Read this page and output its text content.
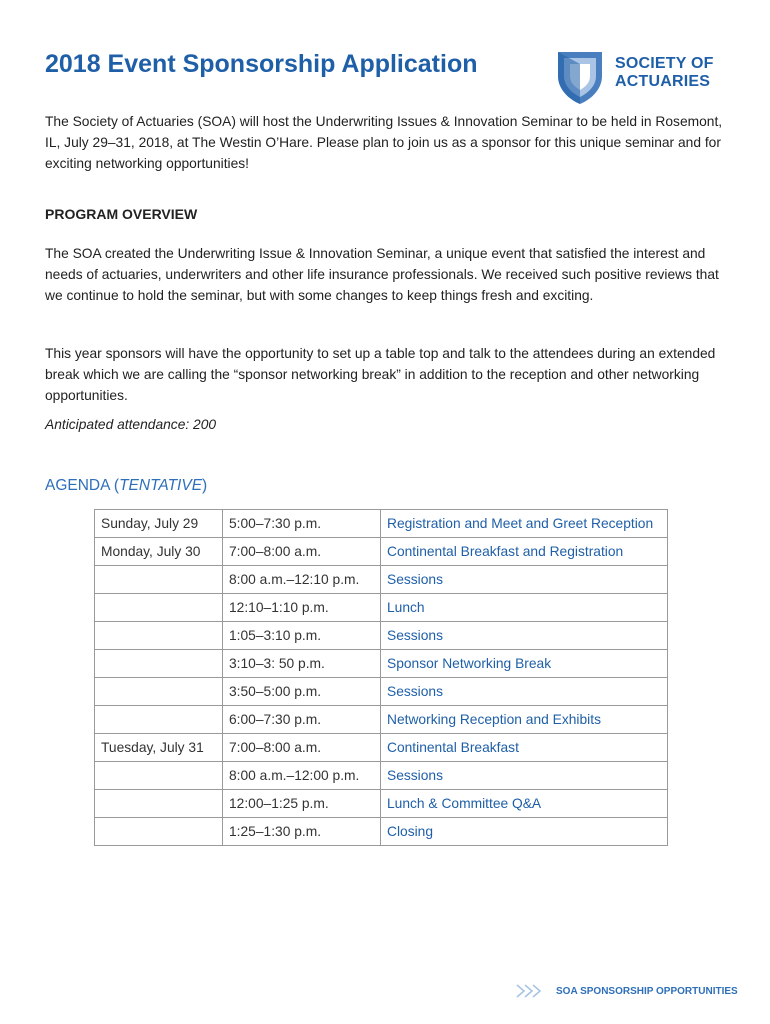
2018 Event Sponsorship Application	SOCIETY OF
ACTUARIES

The Society of Actuaries (SOA) will host the Underwriting Issues & Innovation Seminar to be held in Rosemont, IL, July 29–31, 2018, at The Westin O’Hare. Please plan to join us as a sponsor for this unique seminar and for exciting networking opportunities!

PROGRAM OVERVIEW

The SOA created the Underwriting Issue & Innovation Seminar, a unique event that satisfied the interest and needs of actuaries, underwriters and other life insurance professionals. We received such positive reviews that we continue to hold the seminar, but with some changes to keep things fresh and exciting.

This year sponsors will have the opportunity to set up a table top and talk to the attendees during an extended break which we are calling the “sponsor networking break” in addition to the reception and other networking opportunities.

Anticipated attendance: 200

AGENDA (TENTATIVE)
Sunday, July 29	5:00–7:30 p.m.	Registration and Meet and Greet Reception
Monday, July 30	7:00–8:00 a.m.	Continental Breakfast and Registration
	8:00 a.m.–12:10 p.m.	Sessions
	12:10–1:10 p.m.	Lunch
	1:05–3:10 p.m.	Sessions
	3:10–3: 50 p.m.	Sponsor Networking Break
	3:50–5:00 p.m.	Sessions
	6:00–7:30 p.m.	Networking Reception and Exhibits
Tuesday, July 31	7:00–8:00 a.m.	Continental Breakfast
	8:00 a.m.–12:00 p.m.	Sessions
	12:00–1:25 p.m.	Lunch & Committee Q&A
	1:25–1:30 p.m.	Closing
SOA SPONSORSHIP OPPORTUNITIES
